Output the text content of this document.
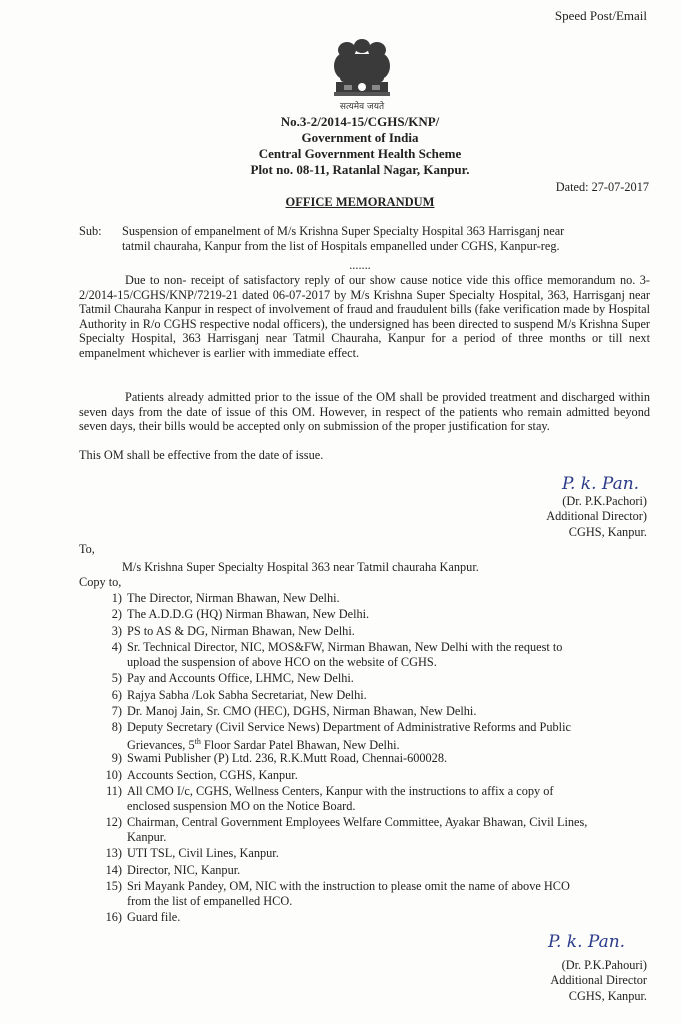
Speed Post/Email
सत्यमेव जयते
No.3-2/2014-15/CGHS/KNP/
Government of India
Central Government Health Scheme
Plot no. 08-11, Ratanlal Nagar, Kanpur.
Dated: 27-07-2017
OFFICE MEMORANDUM
Sub: Suspension of empanelment of M/s Krishna Super Specialty Hospital 363 Harrisganj near
tatmil chauraha, Kanpur from the list of Hospitals empanelled under CGHS, Kanpur-reg.
.......
Due to non- receipt of satisfactory reply of our show cause notice vide this office memorandum no. 3-2/2014-15/CGHS/KNP/7219-21 dated 06-07-2017 by M/s Krishna Super Specialty Hospital, 363, Harrisganj near Tatmil Chauraha Kanpur in respect of involvement of fraud and fraudulent bills (fake verification made by Hospital Authority in R/o CGHS respective nodal officers), the undersigned has been directed to suspend M/s Krishna Super Specialty Hospital, 363 Harrisganj near Tatmil Chauraha, Kanpur for a period of three months or till next empanelment whichever is earlier with immediate effect.
Patients already admitted prior to the issue of the OM shall be provided treatment and discharged within seven days from the date of issue of this OM. However, in respect of the patients who remain admitted beyond seven days, their bills would be accepted only on submission of the proper justification for stay.
This OM shall be effective from the date of issue.
P. k. Pan.
(Dr. P.K.Pachori)
Additional Director)
CGHS, Kanpur.
To,
M/s Krishna Super Specialty Hospital 363 near Tatmil chauraha Kanpur.
Copy to,
1) The Director, Nirman Bhawan, New Delhi.
2) The A.D.D.G (HQ) Nirman Bhawan, New Delhi.
3) PS to AS & DG, Nirman Bhawan, New Delhi.
4) Sr. Technical Director, NIC, MOS&FW, Nirman Bhawan, New Delhi with the request to
upload the suspension of above HCO on the website of CGHS.
5) Pay and Accounts Office, LHMC, New Delhi.
6) Rajya Sabha /Lok Sabha Secretariat, New Delhi.
7) Dr. Manoj Jain, Sr. CMO (HEC), DGHS, Nirman Bhawan, New Delhi.
8) Deputy Secretary (Civil Service News) Department of Administrative Reforms and Public
Grievances, 5th Floor Sardar Patel Bhawan, New Delhi.
9) Swami Publisher (P) Ltd. 236, R.K.Mutt Road, Chennai-600028.
10) Accounts Section, CGHS, Kanpur.
11) All CMO I/c, CGHS, Wellness Centers, Kanpur with the instructions to affix a copy of
enclosed suspension MO on the Notice Board.
12) Chairman, Central Government Employees Welfare Committee, Ayakar Bhawan, Civil Lines,
Kanpur.
13) UTI TSL, Civil Lines, Kanpur.
14) Director, NIC, Kanpur.
15) Sri Mayank Pandey, OM, NIC with the instruction to please omit the name of above HCO
from the list of empanelled HCO.
16) Guard file.
P. k. Pan.
(Dr. P.K.Pahouri)
Additional Director
CGHS, Kanpur.
